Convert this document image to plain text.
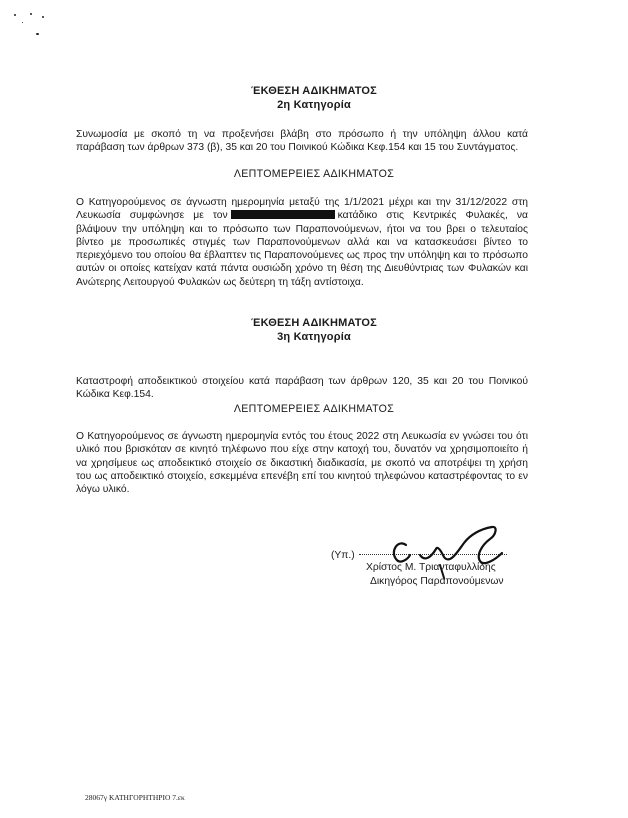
ΈΚΘΕΣΗ ΑΔΙΚΗΜΑΤΟΣ
2η Κατηγορία
Συνωμοσία με σκοπό τη να προξενήσει βλάβη στο πρόσωπο ή την υπόληψη άλλου κατά παράβαση των άρθρων 373 (β), 35 και 20 του Ποινικού Κώδικα Κεφ.154 και 15 του Συντάγματος.
ΛΕΠΤΟΜΕΡΕΙΕΣ ΑΔΙΚΗΜΑΤΟΣ
Ο Κατηγορούμενος σε άγνωστη ημερομηνία μεταξύ της 1/1/2021 μέχρι και την 31/12/2022 στη Λευκωσία συμφώνησε με τον	κατάδικο στις Κεντρικές Φυλακές, να βλάψουν την υπόληψη και το πρόσωπο των Παραπονούμενων, ήτοι να του βρει ο τελευταίος βίντεο με προσωπικές στιγμές των Παραπονούμενων αλλά και να κατασκευάσει βίντεο το περιεχόμενο του οποίου θα έβλαπτεν τις Παραπονούμενες ως προς την υπόληψη και το πρόσωπο αυτών οι οποίες κατείχαν κατά πάντα ουσιώδη χρόνο τη θέση της Διευθύντριας των Φυλακών και Ανώτερης Λειτουργού Φυλακών ως δεύτερη τη τάξη αντίστοιχα.
ΈΚΘΕΣΗ ΑΔΙΚΗΜΑΤΟΣ
3η Κατηγορία
Καταστροφή αποδεικτικού στοιχείου κατά παράβαση των άρθρων 120, 35 και 20 του Ποινικού Κώδικα Κεφ.154.
ΛΕΠΤΟΜΕΡΕΙΕΣ ΑΔΙΚΗΜΑΤΟΣ
Ο Κατηγορούμενος σε άγνωστη ημερομηνία εντός του έτους 2022 στη Λευκωσία εν γνώσει του ότι υλικό που βρισκόταν σε κινητό τηλέφωνο που είχε στην κατοχή του, δυνατόν να χρησιμοποιείτο ή να χρησίμευε ως αποδεικτικό στοιχείο σε δικαστική διαδικασία, με σκοπό να αποτρέψει τη χρήση του ως αποδεικτικό στοιχείο, εσκεμμένα επενέβη επί του κινητού τηλεφώνου καταστρέφοντας το εν λόγω υλικό.
(Υπ.)
Χρίστος Μ. Τριανταφυλλίδης
Δικηγόρος Παραπονούμενων
28067γ ΚΑΤΗΓΟΡΗΤΗΡΙΟ 7.εκ
